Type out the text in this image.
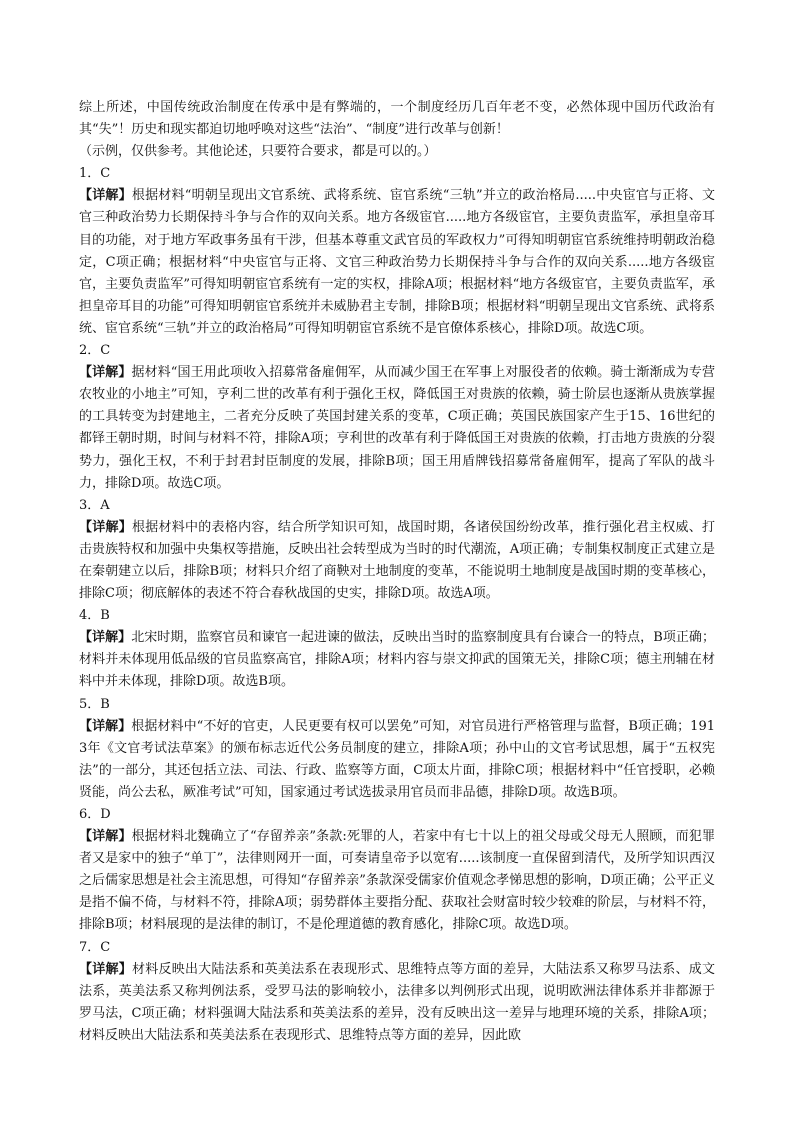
综上所述，中国传统政治制度在传承中是有弊端的，一个制度经历几百年老不变，必然体现中国历代政治有其“失”！历史和现实都迫切地呼唤对这些“法治”、“制度”进行改革与创新！

（示例，仅供参考。其他论述，只要符合要求，都是可以的。）

1．C

【详解】根据材料“明朝呈现出文官系统、武将系统、宦官系统“三轨”并立的政治格局.....中央宦官与正将、文官三种政治势力长期保持斗争与合作的双向关系。地方各级宦官.....地方各级宦官，主要负责监军，承担皇帝耳目的功能，对于地方军政事务虽有干涉，但基本尊重文武官员的军政权力”可得知明朝宦官系统维持明朝政治稳定，C项正确；根据材料“中央宦官与正将、文官三种政治势力长期保持斗争与合作的双向关系.....地方各级宦官，主要负责监军”可得知明朝宦官系统有一定的实权，排除A项；根据材料“地方各级宦官，主要负责监军，承担皇帝耳目的功能”可得知明朝宦官系统并未威胁君主专制，排除B项；根据材料“明朝呈现出文官系统、武将系统、宦官系统“三轨”并立的政治格局”可得知明朝宦官系统不是官僚体系核心，排除D项。故选C项。

2．C

【详解】据材料“国王用此项收入招募常备雇佣军，从而减少国王在军事上对服役者的依赖。骑士渐渐成为专营农牧业的小地主”可知，亨利二世的改革有利于强化王权，降低国王对贵族的依赖，骑士阶层也逐渐从贵族掌握的工具转变为封建地主，二者充分反映了英国封建关系的变革，C项正确；英国民族国家产生于15、16世纪的都铎王朝时期，时间与材料不符，排除A项；亨利世的改革有利于降低国王对贵族的依赖，打击地方贵族的分裂势力，强化王权，不利于封君封臣制度的发展，排除B项；国王用盾牌钱招募常备雇佣军，提高了军队的战斗力，排除D项。故选C项。

3．A

【详解】根据材料中的表格内容，结合所学知识可知，战国时期，各诸侯国纷纷改革，推行强化君主权威、打击贵族特权和加强中央集权等措施，反映出社会转型成为当时的时代潮流，A项正确；专制集权制度正式建立是在秦朝建立以后，排除B项；材料只介绍了商鞅对土地制度的变革，不能说明土地制度是战国时期的变革核心，排除C项；彻底解体的表述不符合春秋战国的史实，排除D项。故选A项。

4．B

【详解】北宋时期，监察官员和谏官一起进谏的做法，反映出当时的监察制度具有台谏合一的特点，B项正确；材料并未体现用低品级的官员监察高官，排除A项；材料内容与崇文抑武的国策无关，排除C项；德主刑辅在材料中并未体现，排除D项。故选B项。

5．B

【详解】根据材料中“不好的官吏，人民更要有权可以罢免”可知，对官员进行严格管理与监督，B项正确；1913年《文官考试法草案》的颁布标志近代公务员制度的建立，排除A项；孙中山的文官考试思想，属于“五权宪法”的一部分，其还包括立法、司法、行政、监察等方面，C项太片面，排除C项；根据材料中“任官授职，必赖贤能，尚公去私，厥准考试”可知，国家通过考试选拔录用官员而非品德，排除D项。故选B项。

6．D

【详解】根据材料北魏确立了“存留养亲”条款:死罪的人，若家中有七十以上的祖父母或父母无人照顾，而犯罪者又是家中的独子“单丁”，法律则网开一面，可奏请皇帝予以宽宥.....该制度一直保留到清代，及所学知识西汉之后儒家思想是社会主流思想，可得知“存留养亲”条款深受儒家价值观念孝悌思想的影响，D项正确；公平正义是指不偏不倚，与材料不符，排除A项；弱势群体主要指分配、获取社会财富时较少较难的阶层，与材料不符，排除B项；材料展现的是法律的制订，不是伦理道德的教育感化，排除C项。故选D项。

7．C

【详解】材料反映出大陆法系和英美法系在表现形式、思维特点等方面的差异，大陆法系又称罗马法系、成文法系，英美法系又称判例法系，受罗马法的影响较小，法律多以判例形式出现，说明欧洲法律体系并非都源于罗马法，C项正确；材料强调大陆法系和英美法系的差异，没有反映出这一差异与地理环境的关系，排除A项；材料反映出大陆法系和英美法系在表现形式、思维特点等方面的差异，因此欧
